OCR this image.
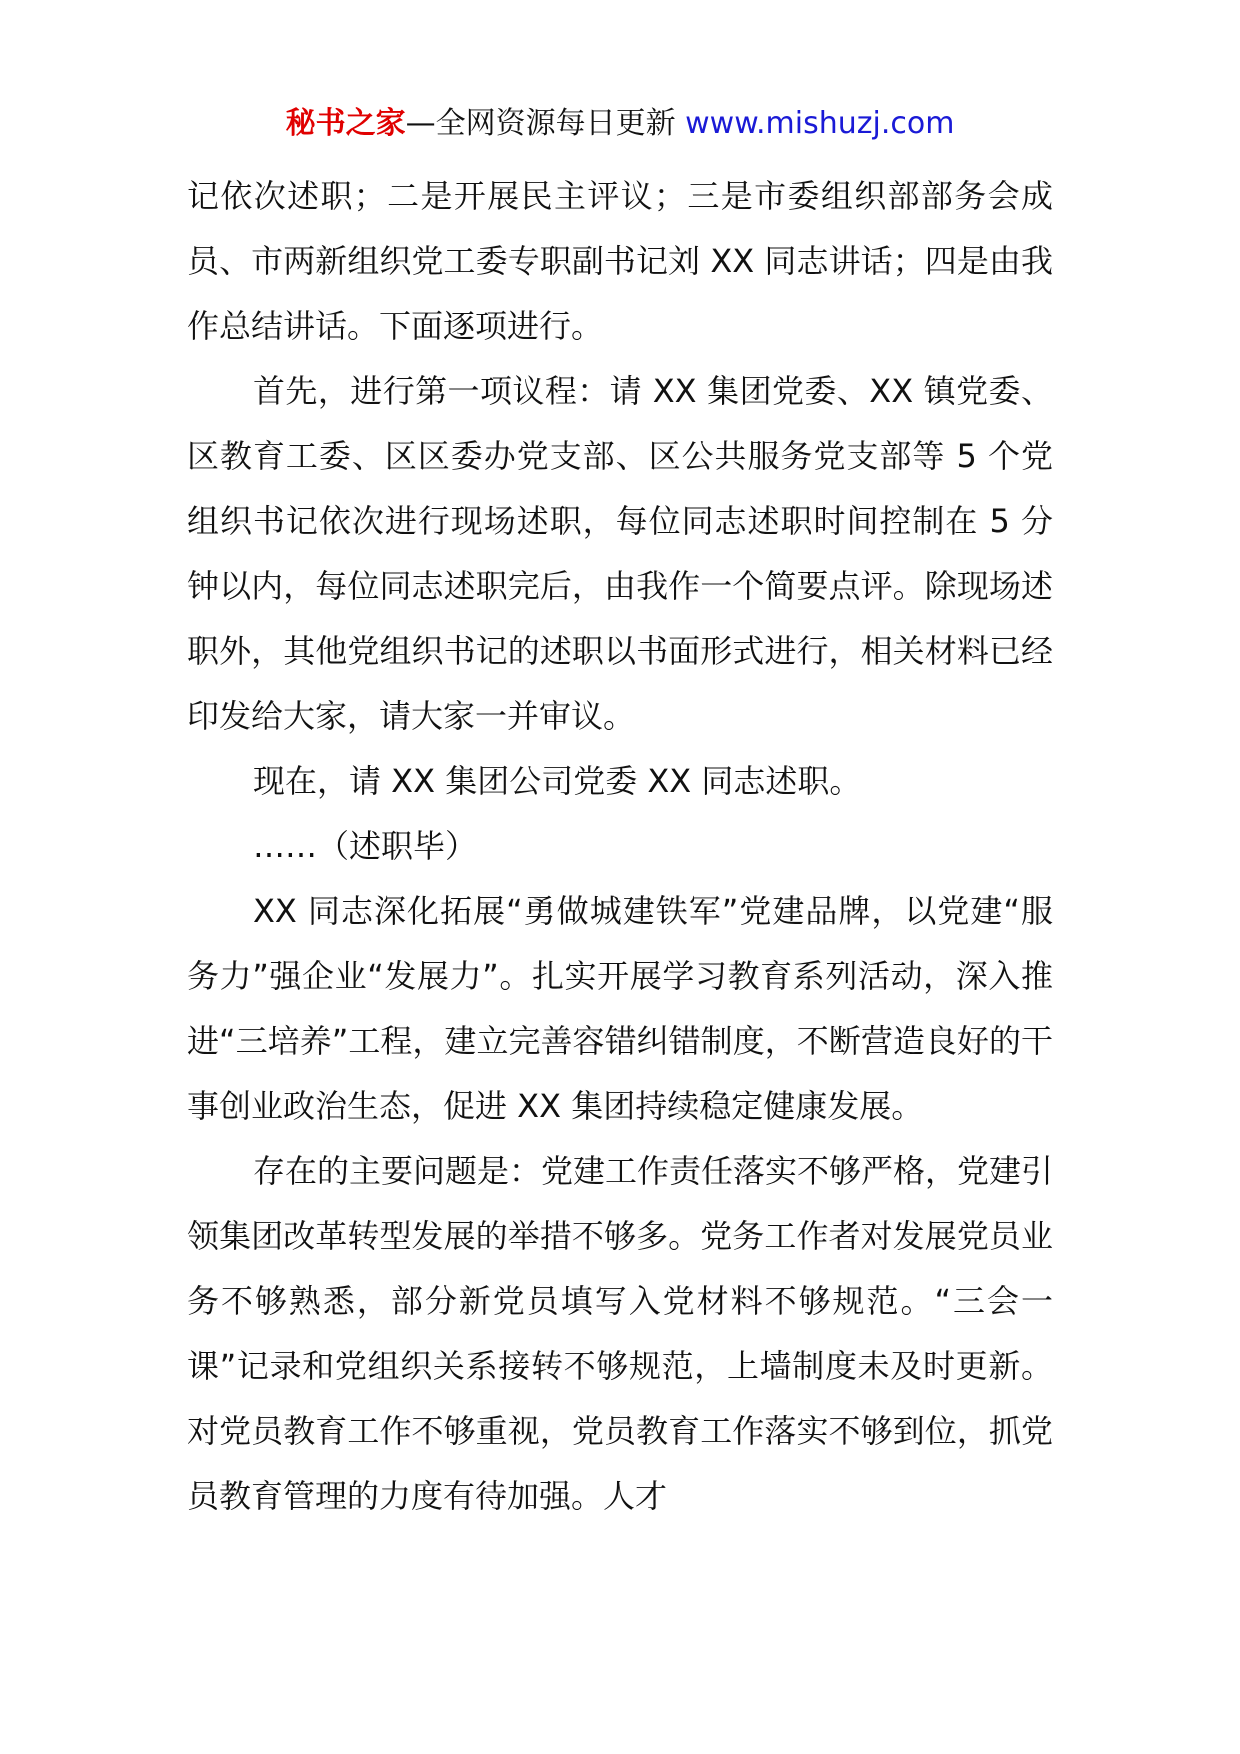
秘书之家—全网资源每日更新 www.mishuzj.com

记依次述职；二是开展民主评议；三是市委组织部部务会成员、市两新组织党工委专职副书记刘 XX 同志讲话；四是由我作总结讲话。下面逐项进行。

首先，进行第一项议程：请 XX 集团党委、XX 镇党委、区教育工委、区区委办党支部、区公共服务党支部等 5 个党组织书记依次进行现场述职，每位同志述职时间控制在 5 分钟以内，每位同志述职完后，由我作一个简要点评。除现场述职外，其他党组织书记的述职以书面形式进行，相关材料已经印发给大家，请大家一并审议。

现在，请 XX 集团公司党委 XX 同志述职。

……（述职毕）

XX 同志深化拓展“勇做城建铁军”党建品牌，以党建“服务力”强企业“发展力”。扎实开展学习教育系列活动，深入推进“三培养”工程，建立完善容错纠错制度，不断营造良好的干事创业政治生态，促进 XX 集团持续稳定健康发展。

存在的主要问题是：党建工作责任落实不够严格，党建引领集团改革转型发展的举措不够多。党务工作者对发展党员业务不够熟悉，部分新党员填写入党材料不够规范。“三会一课”记录和党组织关系接转不够规范，上墙制度未及时更新。对党员教育工作不够重视，党员教育工作落实不够到位，抓党员教育管理的力度有待加强。人才
